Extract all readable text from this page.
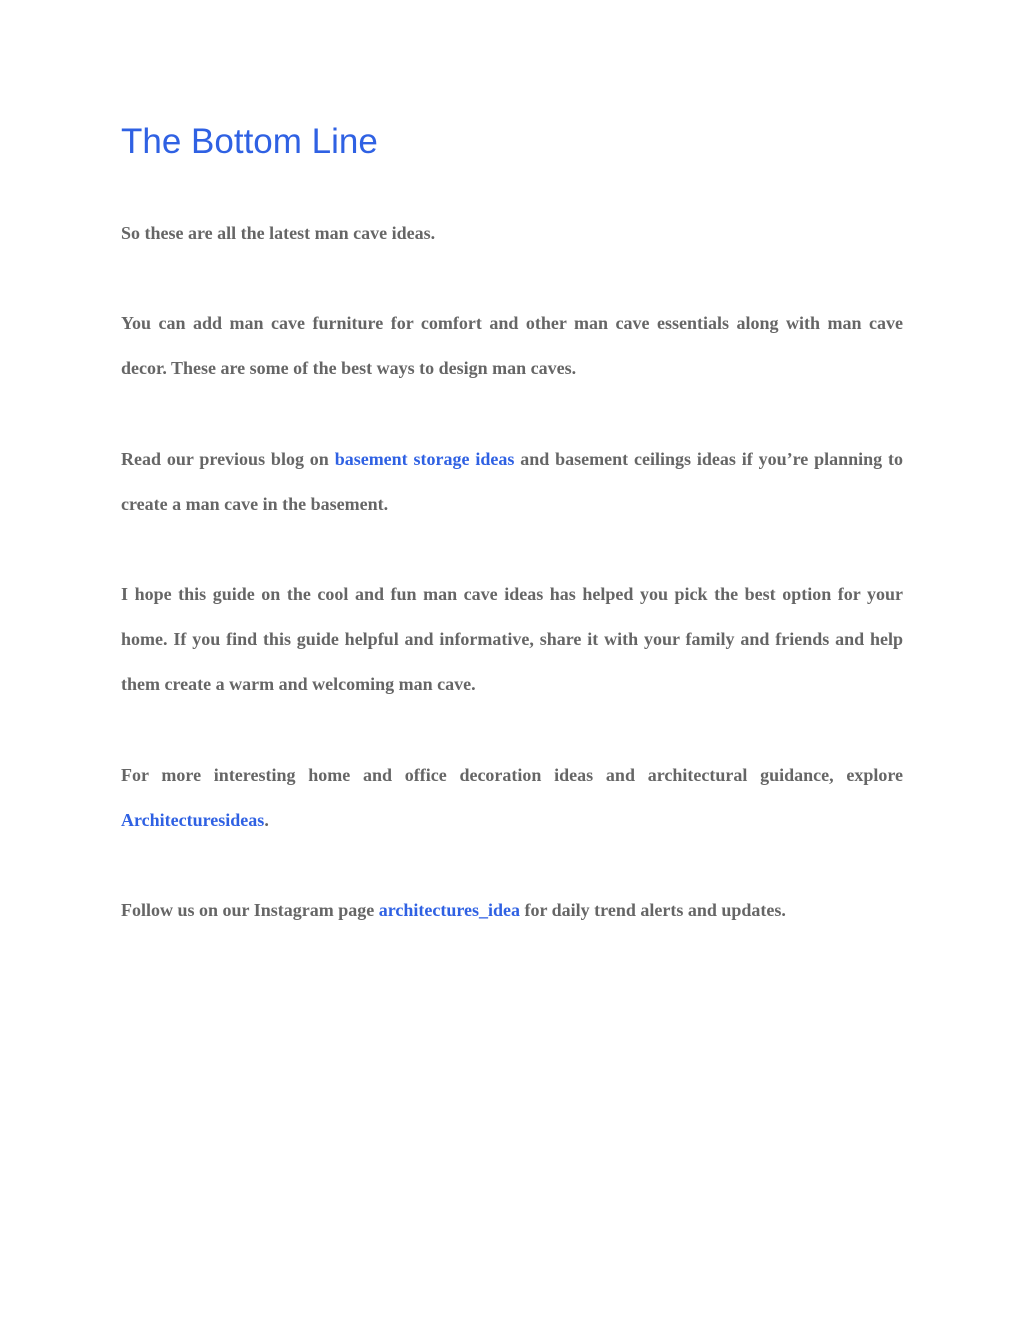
The Bottom Line

So these are all the latest man cave ideas.

You can add man cave furniture for comfort and other man cave essentials along with man cave decor. These are some of the best ways to design man caves.

Read our previous blog on basement storage ideas and basement ceilings ideas if you’re planning to create a man cave in the basement.

I hope this guide on the cool and fun man cave ideas has helped you pick the best option for your home. If you find this guide helpful and informative, share it with your family and friends and help them create a warm and welcoming man cave.

For more interesting home and office decoration ideas and architectural guidance, explore Architecturesideas.

Follow us on our Instagram page architectures_idea for daily trend alerts and updates.
